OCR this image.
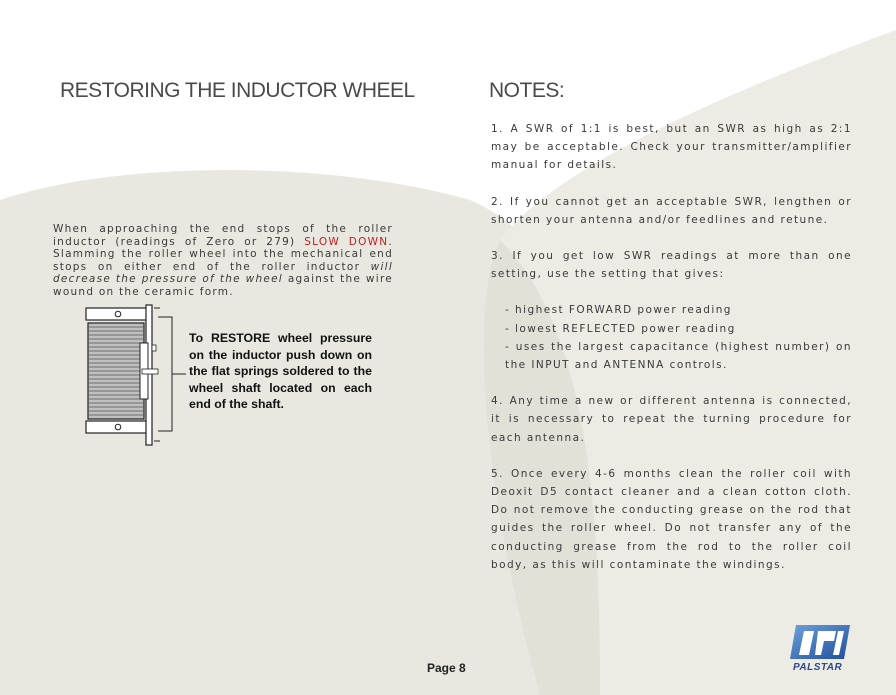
RESTORING THE INDUCTOR WHEEL	NOTES:
When approaching the end stops of the roller inductor (readings of Zero or 279) SLOW DOWN. Slamming the roller wheel into the mechanical end stops on either end of the roller inductor will decrease the pressure of the wheel against the wire wound on the ceramic form.
To RESTORE wheel pressure on the inductor push down on the flat springs soldered to the wheel shaft located on each end of the shaft.

1. A SWR of 1:1 is best, but an SWR as high as 2:1 may be acceptable. Check your transmitter/amplifier manual for details.

2. If you cannot get an acceptable SWR, lengthen or shorten your antenna and/or feedlines and retune.

3. If you get low SWR readings at more than one setting, use the setting that gives:

- highest FORWARD power reading
- lowest REFLECTED power reading
- uses the largest capacitance (highest number) on the INPUT and ANTENNA controls.

4. Any time a new or different antenna is connected, it is necessary to repeat the turning procedure for each antenna.

5. Once every 4-6 months clean the roller coil with Deoxit D5 contact cleaner and a clean cotton cloth. Do not remove the conducting grease on the rod that guides the roller wheel. Do not transfer any of the conducting grease from the rod to the roller coil body, as this will contaminate the windings.

Page 8	PALSTAR
